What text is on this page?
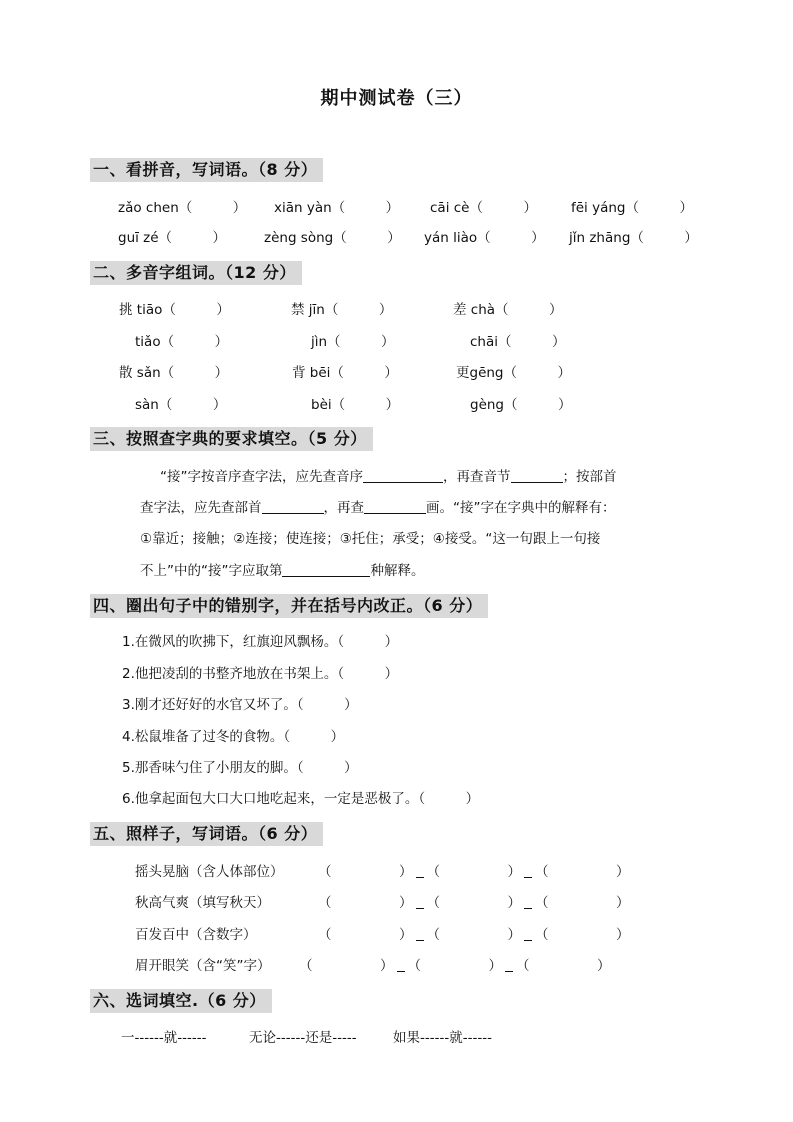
期中测试卷（三）
一、看拼音，写词语。（8 分）
zǎo chen（　　　） xiān yàn（　　　） cāi cè（　　　）	fēi yáng（　　　）
guī zé（　　　）	zèng sòng（　　　） yán liào（　　　） jǐn zhāng（　　　）
二、多音字组词。（12 分）
挑 tiāo（　　　）	禁 jīn（　　　）	差 chà（　　　）
tiǎo（　　　）	jìn（　　　）	chāi（　　　）
散 sǎn（　　　）	背 bēi（　　　）	更gēng（　　　）
sàn（　　　）	bèi（　　　）	gèng（　　　）
三、按照查字典的要求填空。（5 分）
“接”字按音序查字法，应先查音序	，再查音节	；按部首
查字法，应先查部首	，再查	画。“接”字在字典中的解释有：
①靠近；接触；②连接；使连接；③托住；承受；④接受。“这一句跟上一句接
不上”中的“接”字应取第	种解释。
四、圈出句子中的错别字，并在括号内改正。（6 分）
1.在微风的吹拂下，红旗迎风飘杨。（　　　）
2.他把凌刮的书整齐地放在书架上。（　　　）
3.刚才还好好的水官又坏了。（　　　）
4.松鼠堆备了过冬的食物。（　　　）
5.那香味勺住了小朋友的脚。（　　　）
6.他拿起面包大口大口地吃起来，一定是恶极了。（　　　）
五、照样子，写词语。（6 分）
摇头晃脑（含人体部位）	（　　　　　） （　　　　　） （　　　　　）
秋高气爽（填写秋天）	（　　　　　） （　　　　　） （　　　　　）
百发百中（含数字）	（　　　　　） （　　　　　） （　　　　　）
眉开眼笑（含“笑”字） （　　　　　） （　　　　　） （　　　　　）
六、选词填空.（6 分）
一------就------	无论------还是-----	如果------就------
